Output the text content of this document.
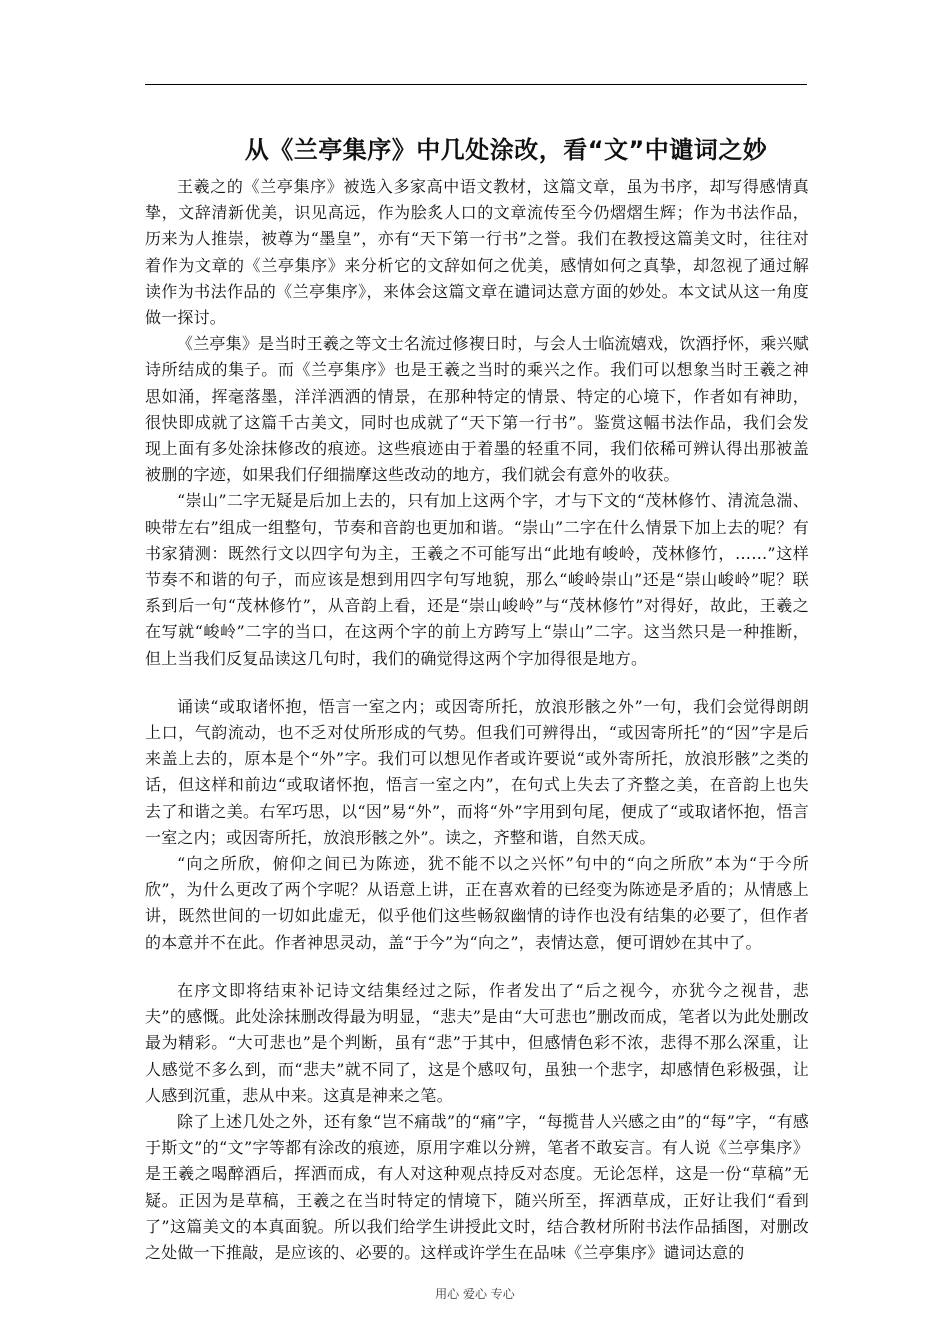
从《兰亭集序》中几处涂改，看“文”中谴词之妙

王羲之的《兰亭集序》被选入多家高中语文教材，这篇文章，虽为书序，却写得感情真挚，文辞清新优美，识见高远，作为脍炙人口的文章流传至今仍熠熠生辉；作为书法作品，历来为人推崇，被尊为“墨皇”，亦有“天下第一行书”之誉。我们在教授这篇美文时，往往对着作为文章的《兰亭集序》来分析它的文辞如何之优美，感情如何之真挚，却忽视了通过解读作为书法作品的《兰亭集序》，来体会这篇文章在谴词达意方面的妙处。本文试从这一角度做一探讨。

《兰亭集》是当时王羲之等文士名流过修褉日时，与会人士临流嬉戏，饮酒抒怀，乘兴赋诗所结成的集子。而《兰亭集序》也是王羲之当时的乘兴之作。我们可以想象当时王羲之神思如涌，挥毫落墨，洋洋洒洒的情景，在那种特定的情景、特定的心境下，作者如有神助，很快即成就了这篇千古美文，同时也成就了“天下第一行书”。鉴赏这幅书法作品，我们会发现上面有多处涂抹修改的痕迹。这些痕迹由于着墨的轻重不同，我们依稀可辨认得出那被盖被删的字迹，如果我们仔细揣摩这些改动的地方，我们就会有意外的收获。

“崇山”二字无疑是后加上去的，只有加上这两个字，才与下文的“茂林修竹、清流急湍、映带左右”组成一组整句，节奏和音韵也更加和谐。“崇山”二字在什么情景下加上去的呢？有书家猜测：既然行文以四字句为主，王羲之不可能写出“此地有峻岭，茂林修竹，……”这样节奏不和谐的句子，而应该是想到用四字句写地貌，那么“峻岭崇山”还是“崇山峻岭”呢？联系到后一句“茂林修竹”，从音韵上看，还是“崇山峻岭”与“茂林修竹”对得好，故此，王羲之在写就“峻岭”二字的当口，在这两个字的前上方跨写上“崇山”二字。这当然只是一种推断，但上当我们反复品读这几句时，我们的确觉得这两个字加得很是地方。

诵读“或取诸怀抱，悟言一室之内；或因寄所托，放浪形骸之外”一句，我们会觉得朗朗上口，气韵流动，也不乏对仗所形成的气势。但我们可辨得出，“或因寄所托”的“因”字是后来盖上去的，原本是个“外”字。我们可以想见作者或许要说“或外寄所托，放浪形骸”之类的话，但这样和前边“或取诸怀抱，悟言一室之内”，在句式上失去了齐整之美，在音韵上也失去了和谐之美。右军巧思，以“因”易“外”，而将“外”字用到句尾，便成了“或取诸怀抱，悟言一室之内；或因寄所托，放浪形骸之外”。读之，齐整和谐，自然天成。

“向之所欣，俯仰之间已为陈迹，犹不能不以之兴怀”句中的“向之所欣”本为“于今所欣”，为什么更改了两个字呢？从语意上讲，正在喜欢着的已经变为陈迹是矛盾的；从情感上讲，既然世间的一切如此虚无，似乎他们这些畅叙幽情的诗作也没有结集的必要了，但作者的本意并不在此。作者神思灵动，盖“于今”为“向之”，表情达意，便可谓妙在其中了。

在序文即将结束补记诗文结集经过之际，作者发出了“后之视今，亦犹今之视昔，悲夫”的感慨。此处涂抹删改得最为明显，“悲夫”是由“大可悲也”删改而成，笔者以为此处删改最为精彩。“大可悲也”是个判断，虽有“悲”于其中，但感情色彩不浓，悲得不那么深重，让人感觉不多么到，而“悲夫”就不同了，这是个感叹句，虽独一个悲字，却感情色彩极强，让人感到沉重，悲从中来。这真是神来之笔。

除了上述几处之外，还有象“岂不痛哉”的“痛”字，“每揽昔人兴感之由”的“每”字，“有感于斯文”的“文”字等都有涂改的痕迹，原用字难以分辨，笔者不敢妄言。有人说《兰亭集序》是王羲之喝醉酒后，挥洒而成，有人对这种观点持反对态度。无论怎样，这是一份“草稿”无疑。正因为是草稿，王羲之在当时特定的情境下，随兴所至，挥洒草成，正好让我们“看到了”这篇美文的本真面貌。所以我们给学生讲授此文时，结合教材所附书法作品插图，对删改之处做一下推敲，是应该的、必要的。这样或许学生在品味《兰亭集序》谴词达意的

用心 爱心 专心
